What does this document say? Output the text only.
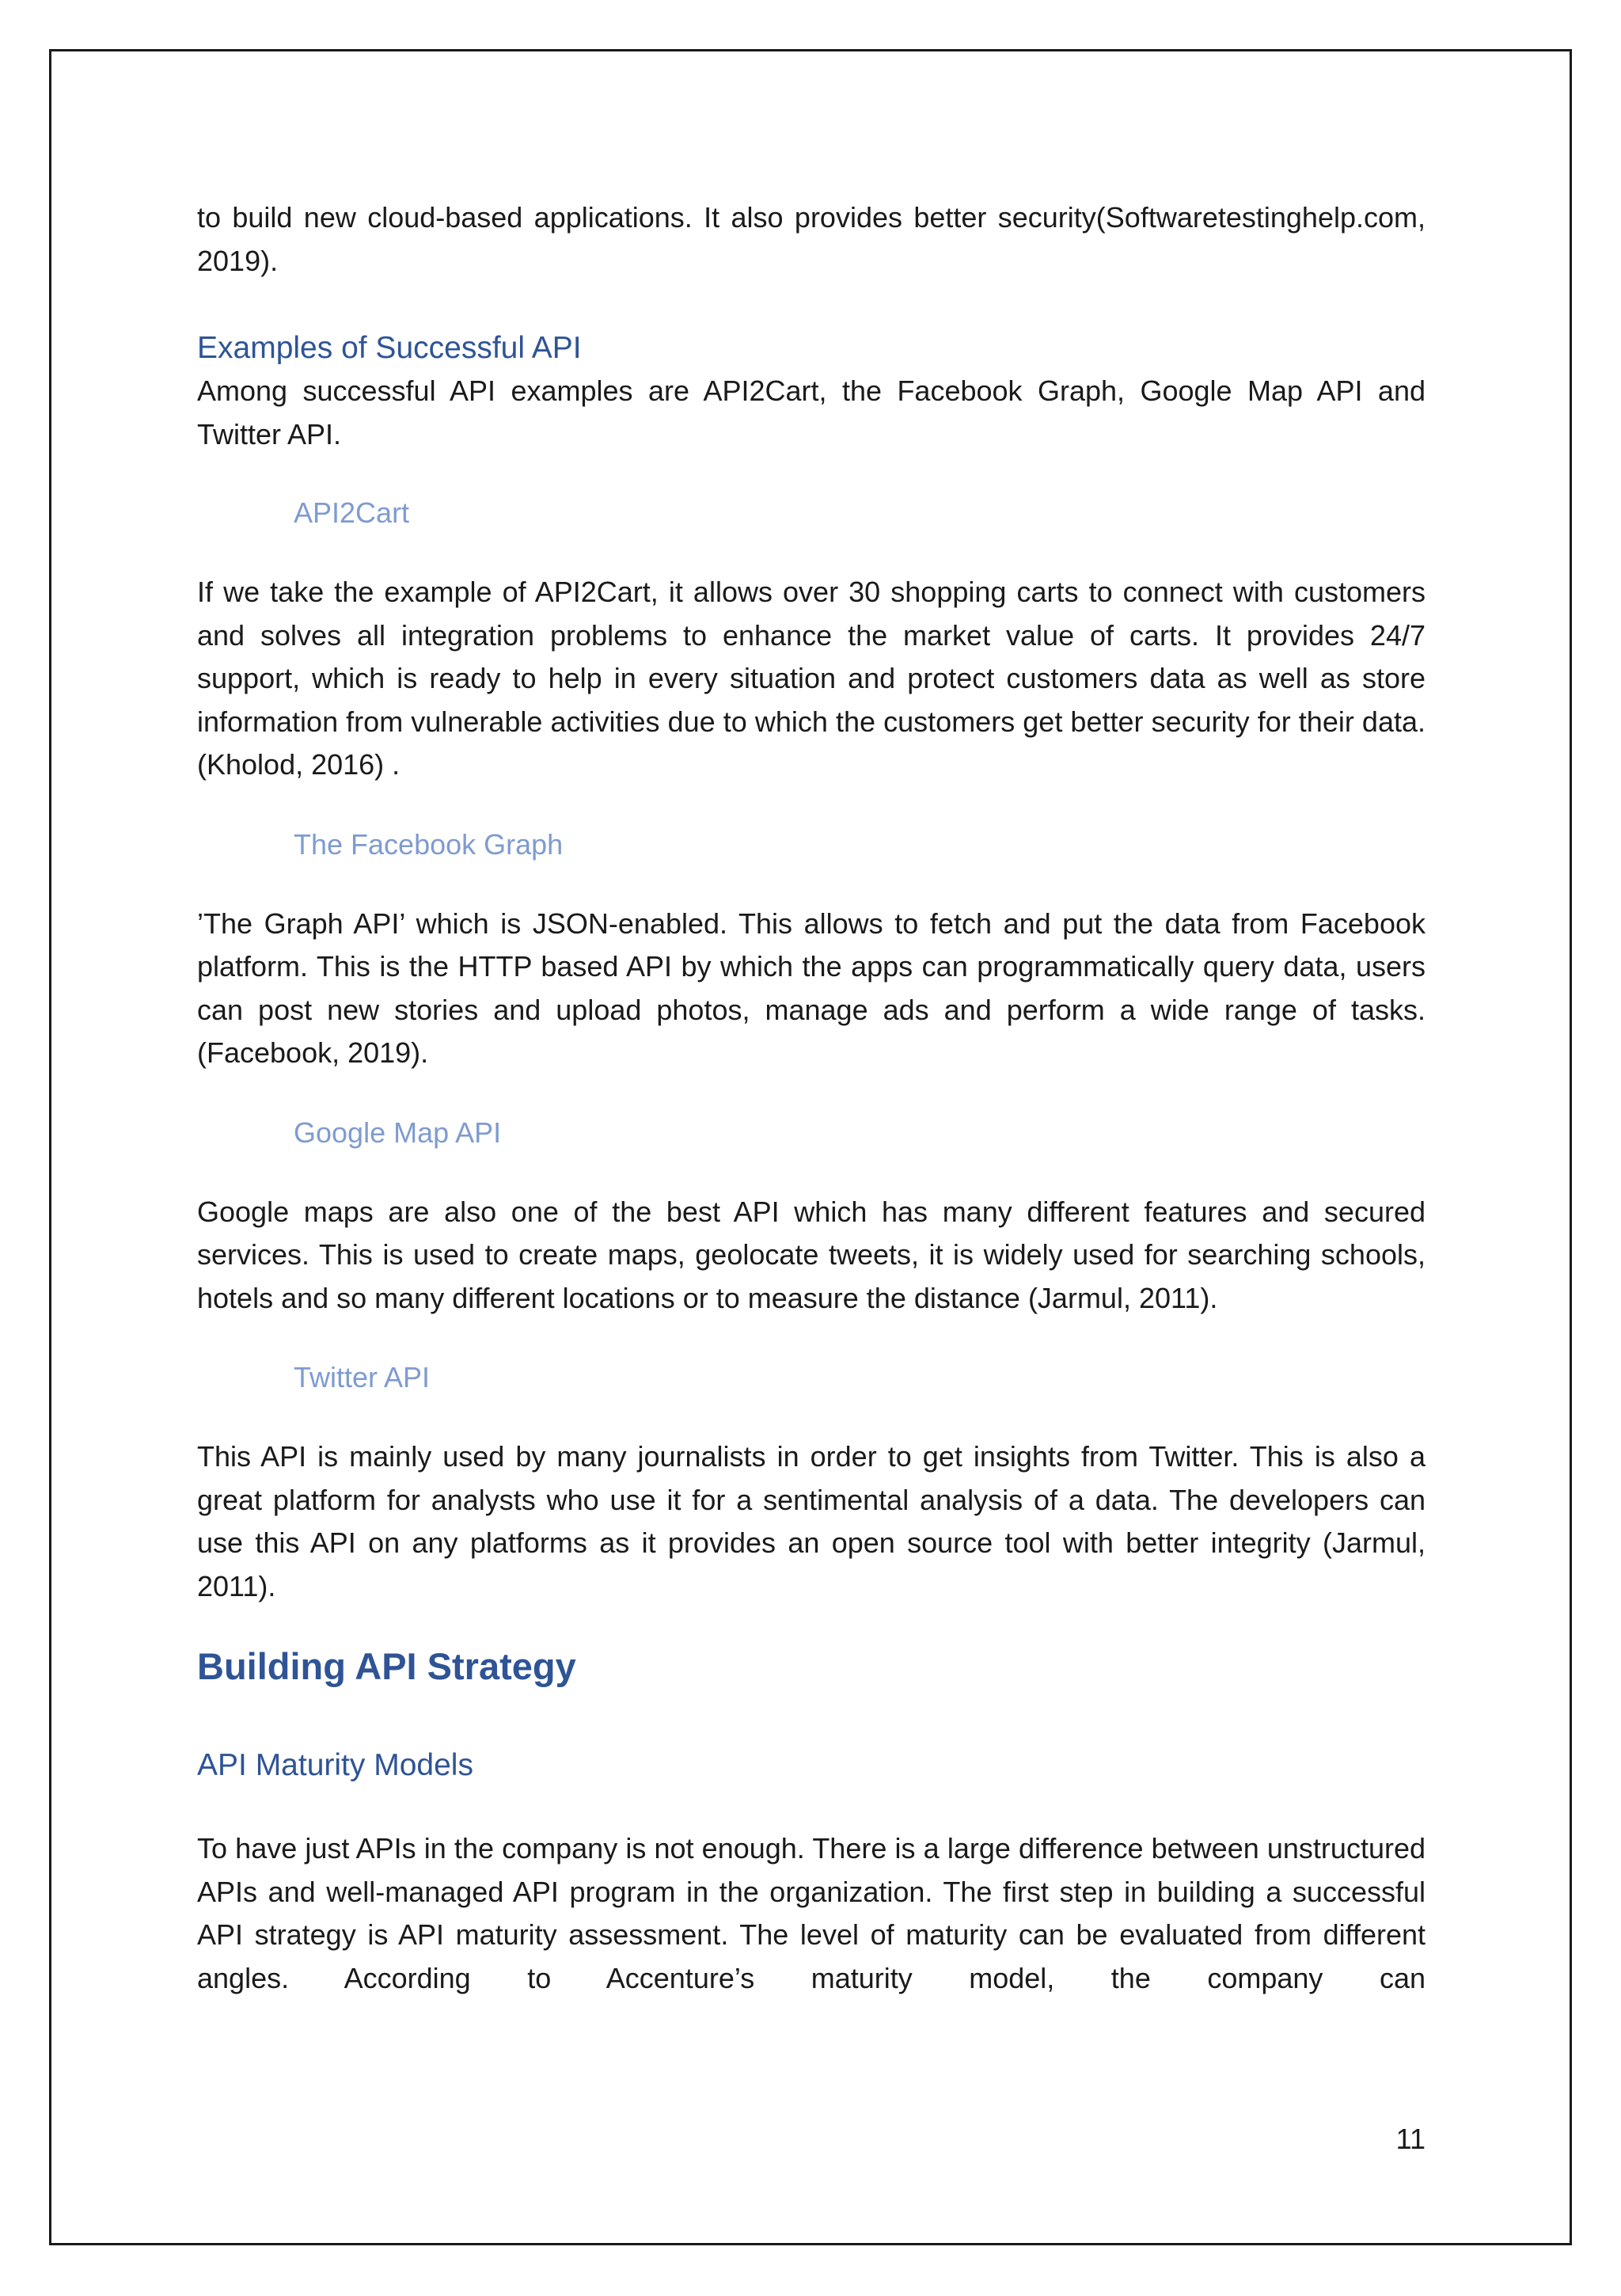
to build new cloud-based applications. It also provides better security(Softwaretestinghelp.com, 2019).

Examples of Successful API

Among successful API examples are API2Cart, the Facebook Graph, Google Map API and Twitter API.

API2Cart

If we take the example of API2Cart, it allows over 30 shopping carts to connect with customers and solves all integration problems to enhance the market value of carts. It provides 24/7 support, which is ready to help in every situation and protect customers data as well as store information from vulnerable activities due to which the customers get better security for their data. (Kholod, 2016) .

The Facebook Graph

’The Graph API’ which is JSON-enabled. This allows to fetch and put the data from Facebook platform. This is the HTTP based API by which the apps can programmatically query data, users can post new stories and upload photos, manage ads and perform a wide range of tasks. (Facebook, 2019).

Google Map API

Google maps are also one of the best API which has many different features and secured services. This is used to create maps, geolocate tweets, it is widely used for searching schools, hotels and so many different locations or to measure the distance (Jarmul, 2011).

Twitter API

This API is mainly used by many journalists in order to get insights from Twitter. This is also a great platform for analysts who use it for a sentimental analysis of a data. The developers can use this API on any platforms as it provides an open source tool with better integrity (Jarmul, 2011).

Building API Strategy
API Maturity Models

To have just APIs in the company is not enough. There is a large difference between unstructured APIs and well-managed API program in the organization. The first step in building a successful API strategy is API maturity assessment. The level of maturity can be evaluated from different angles. According to Accenture’s maturity model, the company can

11
